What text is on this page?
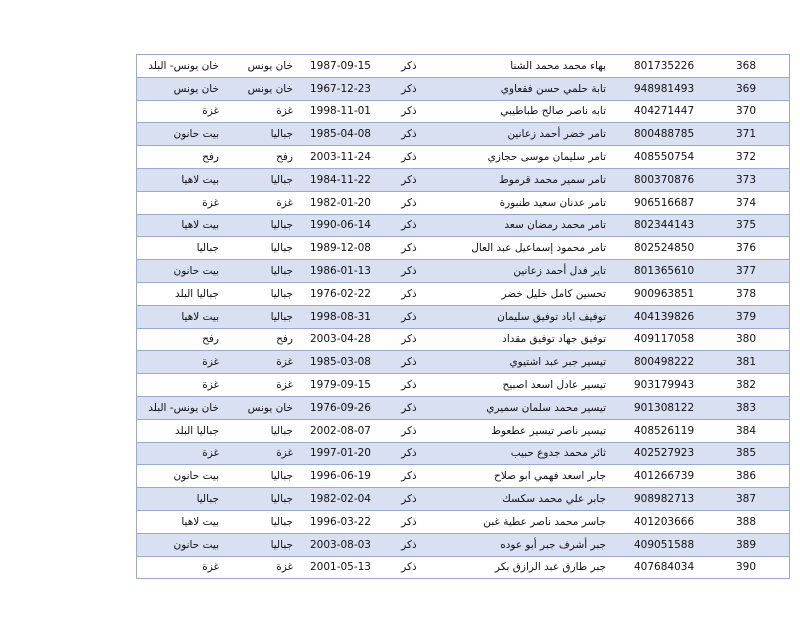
خان يونس- البلد	خان يونس	1987-09-15	ذكر	بهاء محمد محمد الشنا	801735226	368
خان يونس	خان يونس	1967-12-23	ذكر	تابة حلمي حسن فقعاوي	948981493	369
غزة	غزة	1998-11-01	ذكر	تابه ناصر صالح طباطيبي	404271447	370
بيت حانون	جباليا	1985-04-08	ذكر	تامر خضر أحمد زعانين	800488785	371
رفح	رفح	2003-11-24	ذكر	تامر سليمان موسى حجازي	408550754	372
بيت لاهيا	جباليا	1984-11-22	ذكر	تامر سمير محمد قرموط	800370876	373
غزة	غزة	1982-01-20	ذكر	تامر عدنان سعيد طنبورة	906516687	374
بيت لاهيا	جباليا	1990-06-14	ذكر	تامر محمد رمضان سعد	802344143	375
جباليا	جباليا	1989-12-08	ذكر	تامر محمود إسماعيل عبد العال	802524850	376
بيت حانون	جباليا	1986-01-13	ذكر	تاير فدل أحمد زعانين	801365610	377
جباليا البلد	جباليا	1976-02-22	ذكر	تحسين كامل خليل خضر	900963851	378
بيت لاهيا	جباليا	1998-08-31	ذكر	توفيف اياد توفيق سليمان	404139826	379
رفح	رفح	2003-04-28	ذكر	توفيق جهاد توفيق مقداد	409117058	380
غزة	غزة	1985-03-08	ذكر	تيسير جبر عبد اشتيوي	800498222	381
غزة	غزة	1979-09-15	ذكر	تيسير عادل اسعد اصبيح	903179943	382
خان يونس- البلد	خان يونس	1976-09-26	ذكر	تيسير محمد سلمان سميري	901308122	383
جباليا البلد	جباليا	2002-08-07	ذكر	تيسير ناصر تيسير عطعوط	408526119	384
غزة	غزة	1997-01-20	ذكر	ثائر محمد جدوع حبيب	402527923	385
بيت حانون	جباليا	1996-06-19	ذكر	جابر اسعد فهمي ابو صلاح	401266739	386
جباليا	جباليا	1982-02-04	ذكر	جابر علي محمد سكسك	908982713	387
بيت لاهيا	جباليا	1996-03-22	ذكر	جاسر محمد ناصر عطية غبن	401203666	388
بيت حانون	جباليا	2003-08-03	ذكر	جبر أشرف جبر أبو عوده	409051588	389
غزة	غزة	2001-05-13	ذكر	جبر طارق عبد الرازق بكر	407684034	390
